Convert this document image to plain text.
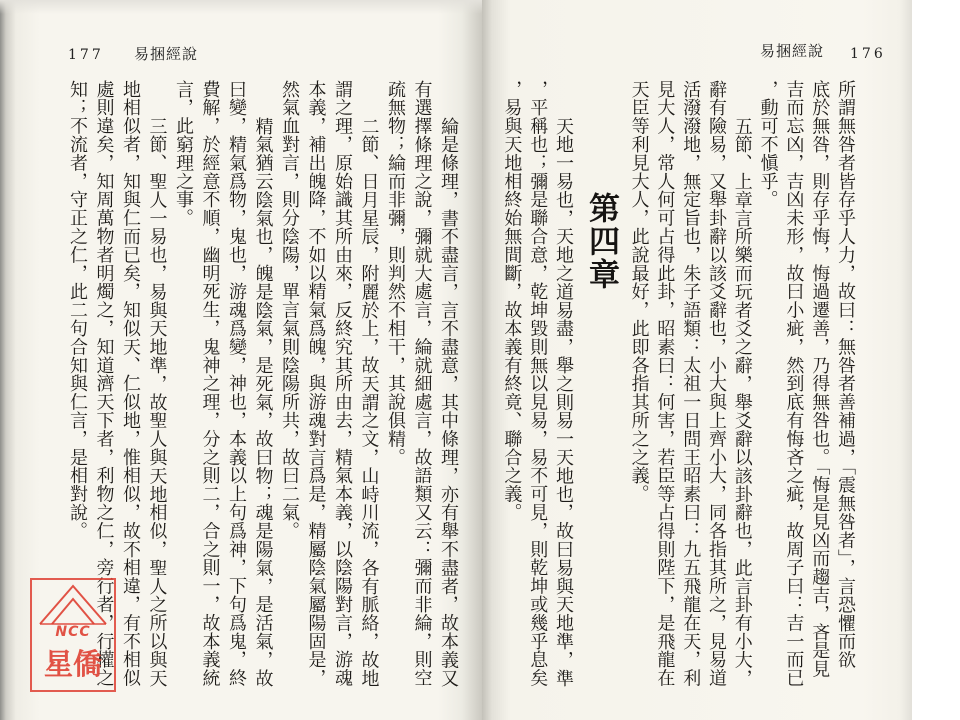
177 易捆經說
綸是條理，書不盡言，言不盡意，其中條理，亦有舉不盡者，故本義又
有選擇條理之說，彌就大處言，綸就細處言，故語類又云：彌而非綸，則空
疏無物；綸而非彌，則判然不相干，其說俱精。
二節、日月星辰，附麗於上，故天謂之文，山峙川流，各有脈絡，故地
謂之理，原始識其所由來，反終究其所由去，精氣本義，以陰陽對言，游魂
本義，補出魄降，不如以精氣爲魄，與游魂對言爲是，精屬陰氣屬陽固是，
然氣血對言，則分陰陽，單言氣則陰陽所共，故曰二氣。
精氣猶云陰氣也，魄是陰氣，是死氣，故曰物；魂是陽氣，是活氣，故
曰變，精氣爲物，鬼也，游魂爲變，神也，本義以上句爲神，下句爲鬼，終
費解，於經意不順，幽明死生，鬼神之理，分之則二，合之則一，故本義統
言，此窮理之事。
三節、聖人一易也，易與天地準，故聖人與天地相似，聖人之所以與天
地相似者，知與仁而已矣，知似天、仁似地，惟相似，故不相違，有不相似
處則違矣，知周萬物者明燭之，知道濟天下者，利物之仁，旁行者，行權之
知；不流者，守正之仁，此二句合知與仁言，是相對說。
NCC
星僑
易捆經說 176
所謂無咎者皆存乎人力，故曰：無咎者善補過，「震無咎者」，言恐懼而欲
底於無咎，則存乎悔，悔過遷善，乃得無咎也。「悔是見凶而趨吉，吝是見
吉而忘凶，吉凶未形，故曰小疵，然到底有悔吝之疵，故周子曰：吉一而已
，動可不愼乎。
五節、上章言所樂而玩者爻之辭，舉爻辭以該卦辭也，此言卦有小大，
辭有險易，又舉卦辭以該爻辭也，小大與上齊小大，同各指其所之，見易道
活潑潑地，無定旨也，朱子語類：太祖一日問王昭素曰：九五飛龍在天，利
見大人，常人何可占得此卦，昭素曰：何害，若臣等占得則陛下，是飛龍在
天臣等利見大人，此說最好，此即各指其所之之義。
第四章
天地一易也，天地之道易盡，舉之則易一天地也，故曰易與天地準，準
，平稱也；彌是聯合意，乾坤毀則無以見易，易不可見，則乾坤或幾乎息矣
，易與天地相終始無間斷，故本義有終竟、聯合之義。
